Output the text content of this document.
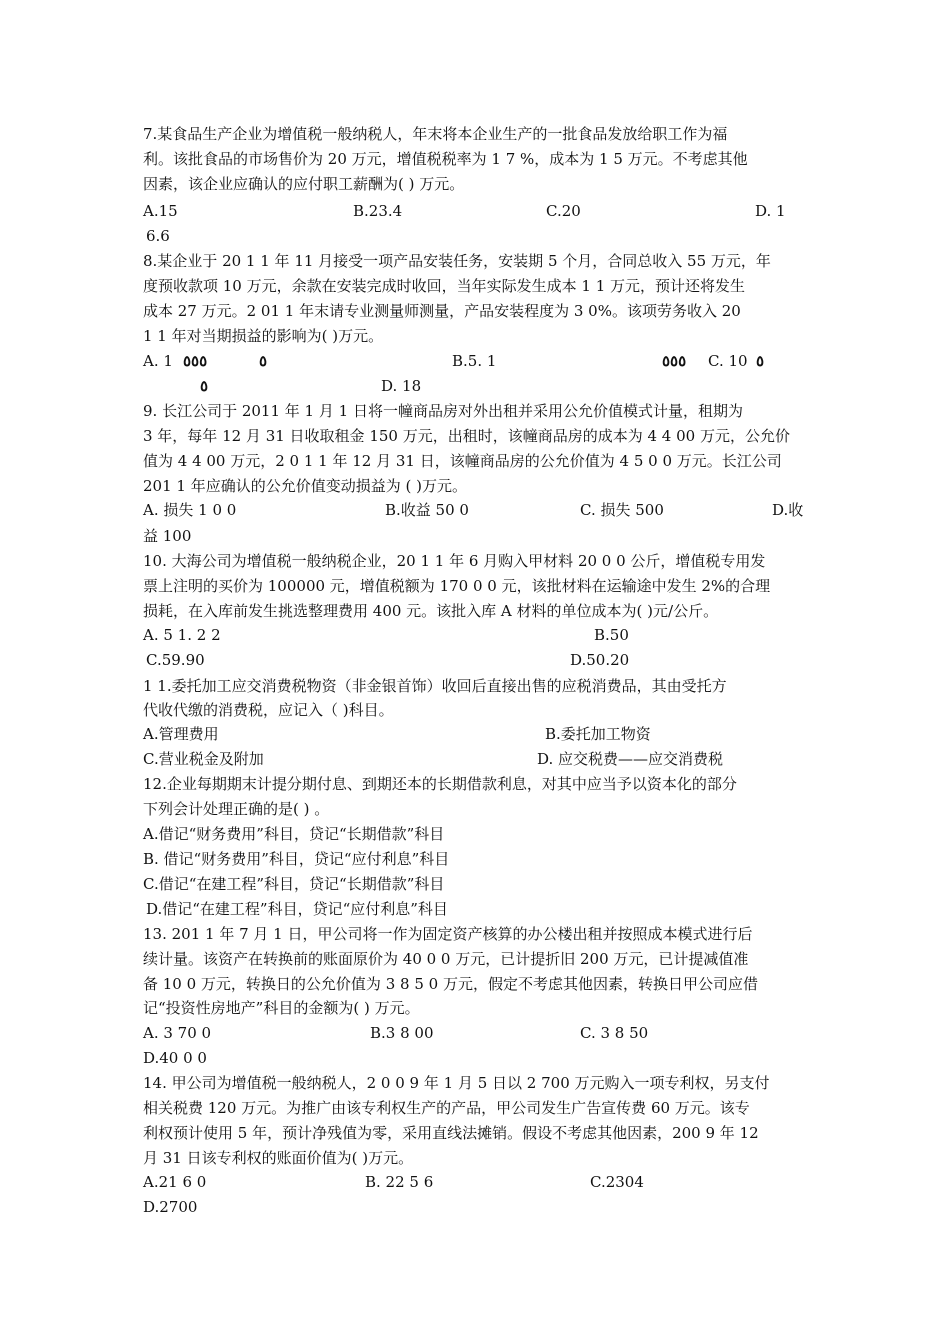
7.某食品生产企业为增值税一般纳税人，年末将本企业生产的一批食品发放给职工作为福
利。该批食品的市场售价为 20 万元，增值税税率为 1 7 %，成本为 1 5 万元。不考虑其他
因素，该企业应确认的应付职工薪酬为( ) 万元。
A.15	B.23.4	C.20	D. 1
6.6
8.某企业于 20 1 1 年 11 月接受一项产品安装任务，安装期 5 个月，合同总收入 55 万元，年
度预收款项 10 万元，余款在安装完成时收回，当年实际发生成本 1 1 万元，预计还将发生
成本 27 万元。2 01 1 年末请专业测量师测量，产品安装程度为 3 0%。该项劳务收入 20
1 1 年对当期损益的影响为( )万元。
A. 1 ٥٥٥	٥	B.5. 1	٥٥٥ C. 10 ٥
٥	D. 18
9. 长江公司于 2011 年 1 月 1 日将一幢商品房对外出租并采用公允价值模式计量，租期为
3 年，每年 12 月 31 日收取租金 150 万元，出租时，该幢商品房的成本为 4 4 00 万元，公允价
值为 4 4 00 万元，2 0 1 1 年 12 月 31 日，该幢商品房的公允价值为 4 5 0 0 万元。长江公司
201 1 年应确认的公允价值变动损益为 ( )万元。
A. 损失 1 0 0	B.收益 50 0	C. 损失 500	D.收
益 100
10. 大海公司为增值税一般纳税企业，20 1 1 年 6 月购入甲材料 20 0 0 公斤，增值税专用发
票上注明的买价为 100000 元，增值税额为 170 0 0 元，该批材料在运输途中发生 2%的合理
损耗，在入库前发生挑选整理费用 400 元。该批入库 A 材料的单位成本为( )元/公斤。
A. 5 1. 2 2	B.50
C.59.90	D.50.20
1 1.委托加工应交消费税物资（非金银首饰）收回后直接出售的应税消费品，其由受托方
代收代缴的消费税，应记入（ )科目。
A.管理费用	B.委托加工物资
C.营业税金及附加	D. 应交税费——应交消费税
12.企业每期期末计提分期付息、到期还本的长期借款利息，对其中应当予以资本化的部分
下列会计处理正确的是( ) 。
A.借记“财务费用”科目，贷记“长期借款”科目
B. 借记“财务费用”科目，贷记“应付利息”科目
C.借记“在建工程”科目，贷记“长期借款”科目
D.借记“在建工程”科目，贷记“应付利息”科目
13. 201 1 年 7 月 1 日，甲公司将一作为固定资产核算的办公楼出租并按照成本模式进行后
续计量。该资产在转换前的账面原价为 40 0 0 万元，已计提折旧 200 万元，已计提减值准
备 10 0 万元，转换日的公允价值为 3 8 5 0 万元，假定不考虑其他因素，转换日甲公司应借
记“投资性房地产”科目的金额为( ) 万元。
A. 3 70 0	B.3 8 00	C. 3 8 50
D.40 0 0
14. 甲公司为增值税一般纳税人，2 0 0 9 年 1 月 5 日以 2 700 万元购入一项专利权，另支付
相关税费 120 万元。为推广由该专利权生产的产品，甲公司发生广告宣传费 60 万元。该专
利权预计使用 5 年，预计净残值为零，采用直线法摊销。假设不考虑其他因素，200 9 年 12
月 31 日该专利权的账面价值为( )万元。
A.21 6 0	B. 22 5 6	C.2304
D.2700
